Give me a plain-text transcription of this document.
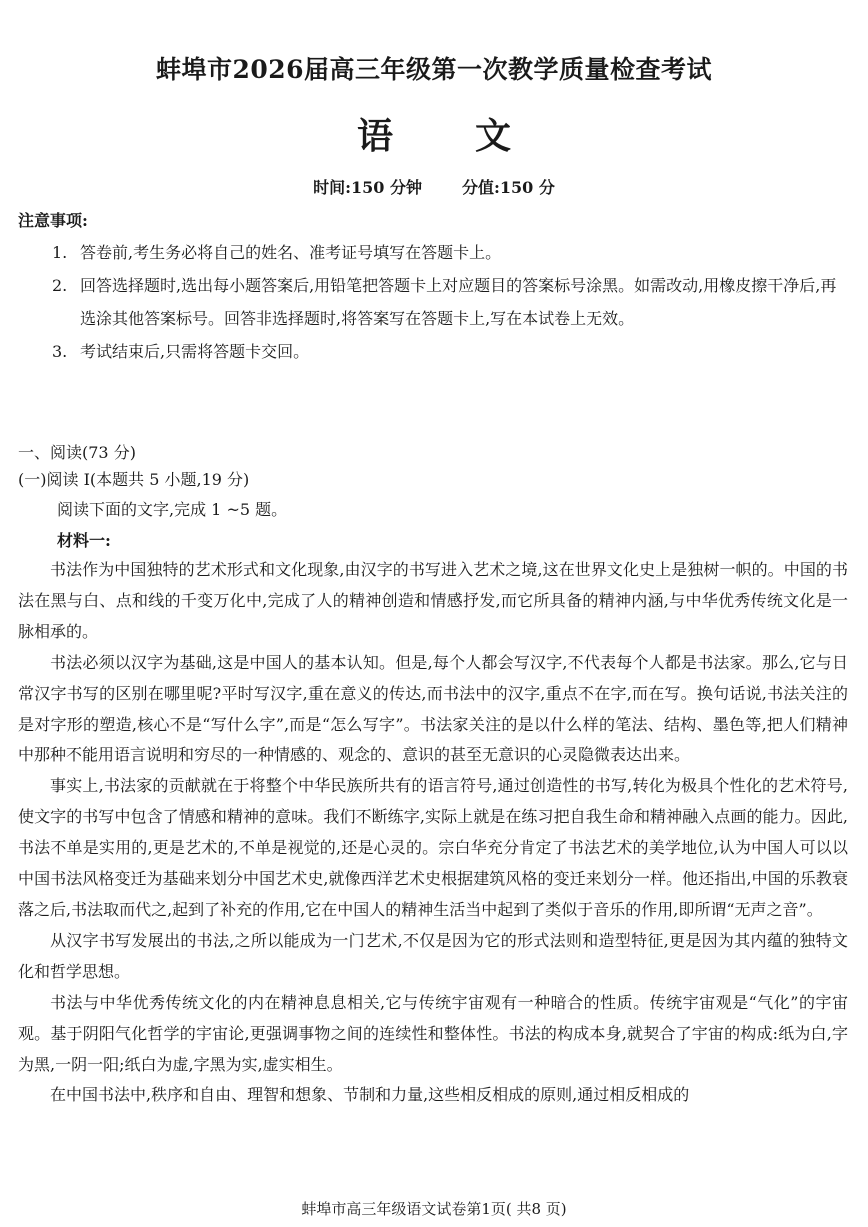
蚌埠市2026届高三年级第一次教学质量检查考试
语 文
时间:150 分钟	分值:150 分
注意事项:
1. 答卷前,考生务必将自己的姓名、准考证号填写在答题卡上。
2. 回答选择题时,选出每小题答案后,用铅笔把答题卡上对应题目的答案标号涂黑。如需改动,用橡皮擦干净后,再选涂其他答案标号。回答非选择题时,将答案写在答题卡上,写在本试卷上无效。
3. 考试结束后,只需将答题卡交回。
一、阅读(73 分)
(一)阅读 I(本题共 5 小题,19 分)
阅读下面的文字,完成 1 ~5 题。
材料一:

书法作为中国独特的艺术形式和文化现象,由汉字的书写进入艺术之境,这在世界文化史上是独树一帜的。中国的书法在黑与白、点和线的千变万化中,完成了人的精神创造和情感抒发,而它所具备的精神内涵,与中华优秀传统文化是一脉相承的。

书法必须以汉字为基础,这是中国人的基本认知。但是,每个人都会写汉字,不代表每个人都是书法家。那么,它与日常汉字书写的区别在哪里呢?平时写汉字,重在意义的传达,而书法中的汉字,重点不在字,而在写。换句话说,书法关注的是对字形的塑造,核心不是“写什么字”,而是“怎么写字”。书法家关注的是以什么样的笔法、结构、墨色等,把人们精神中那种不能用语言说明和穷尽的一种情感的、观念的、意识的甚至无意识的心灵隐微表达出来。

事实上,书法家的贡献就在于将整个中华民族所共有的语言符号,通过创造性的书写,转化为极具个性化的艺术符号,使文字的书写中包含了情感和精神的意味。我们不断练字,实际上就是在练习把自我生命和精神融入点画的能力。因此,书法不单是实用的,更是艺术的,不单是视觉的,还是心灵的。宗白华充分肯定了书法艺术的美学地位,认为中国人可以以中国书法风格变迁为基础来划分中国艺术史,就像西洋艺术史根据建筑风格的变迁来划分一样。他还指出,中国的乐教衰落之后,书法取而代之,起到了补充的作用,它在中国人的精神生活当中起到了类似于音乐的作用,即所谓“无声之音”。

从汉字书写发展出的书法,之所以能成为一门艺术,不仅是因为它的形式法则和造型特征,更是因为其内蕴的独特文化和哲学思想。

书法与中华优秀传统文化的内在精神息息相关,它与传统宇宙观有一种暗合的性质。传统宇宙观是“气化”的宇宙观。基于阴阳气化哲学的宇宙论,更强调事物之间的连续性和整体性。书法的构成本身,就契合了宇宙的构成:纸为白,字为黑,一阴一阳;纸白为虚,字黑为实,虚实相生。

在中国书法中,秩序和自由、理智和想象、节制和力量,这些相反相成的原则,通过相反相成的

蚌埠市高三年级语文试卷第1页( 共8 页)
